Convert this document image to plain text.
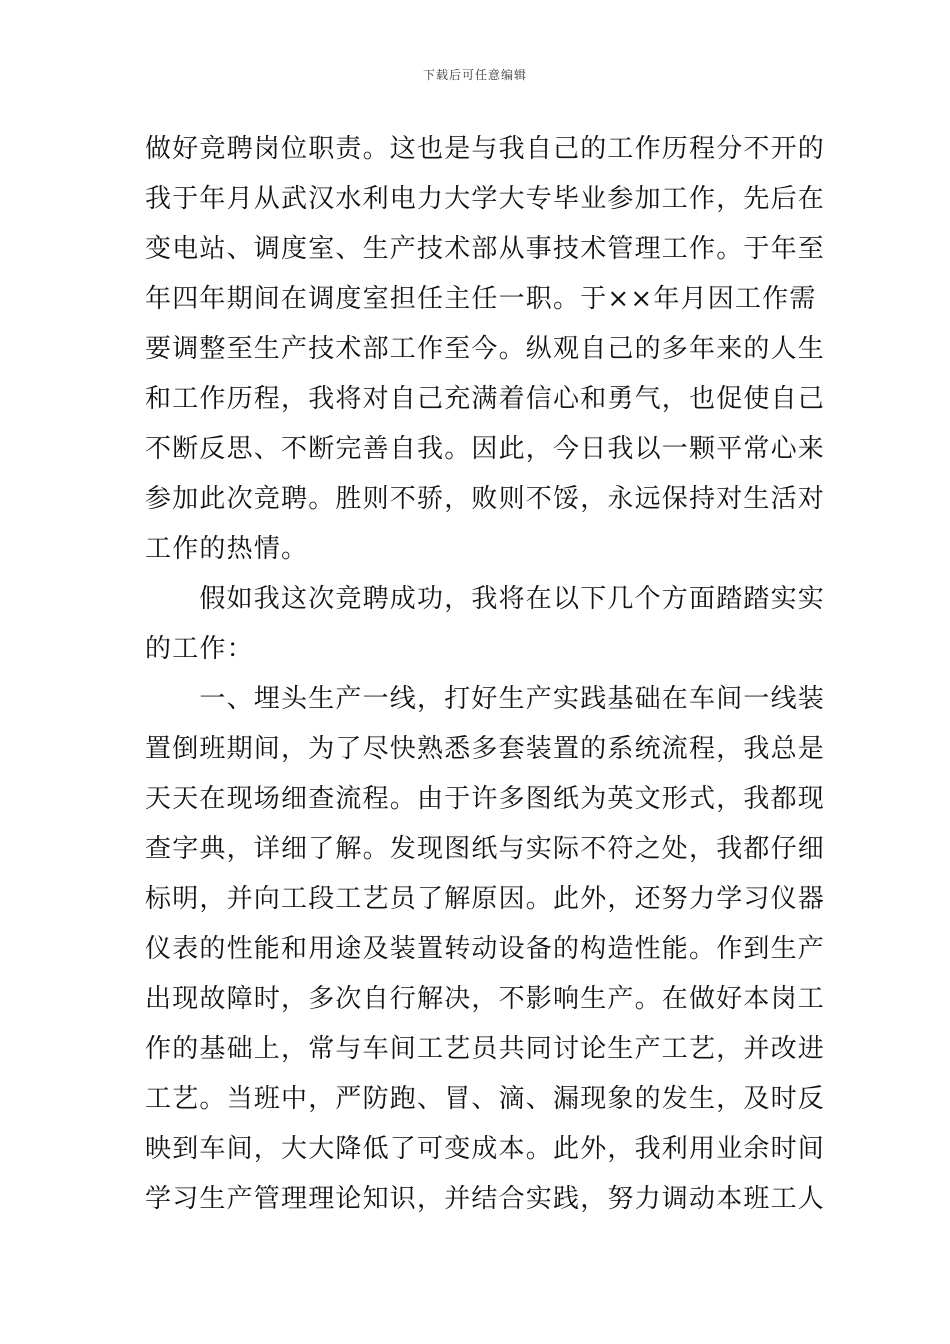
下载后可任意编辑
做好竞聘岗位职责。这也是与我自己的工作历程分不开的
我于年月从武汉水利电力大学大专毕业参加工作，先后在
变电站、调度室、生产技术部从事技术管理工作。于年至
年四年期间在调度室担任主任一职。于××年月因工作需
要调整至生产技术部工作至今。纵观自己的多年来的人生
和工作历程，我将对自己充满着信心和勇气，也促使自己
不断反思、不断完善自我。因此，今日我以一颗平常心来
参加此次竞聘。胜则不骄，败则不馁，永远保持对生活对
工作的热情。
　　假如我这次竞聘成功，我将在以下几个方面踏踏实实
的工作：
　　一、埋头生产一线，打好生产实践基础在车间一线装
置倒班期间，为了尽快熟悉多套装置的系统流程，我总是
天天在现场细查流程。由于许多图纸为英文形式，我都现
查字典，详细了解。发现图纸与实际不符之处，我都仔细
标明，并向工段工艺员了解原因。此外，还努力学习仪器
仪表的性能和用途及装置转动设备的构造性能。作到生产
出现故障时，多次自行解决，不影响生产。在做好本岗工
作的基础上，常与车间工艺员共同讨论生产工艺，并改进
工艺。当班中，严防跑、冒、滴、漏现象的发生，及时反
映到车间，大大降低了可变成本。此外，我利用业余时间
学习生产管理理论知识，并结合实践，努力调动本班工人
